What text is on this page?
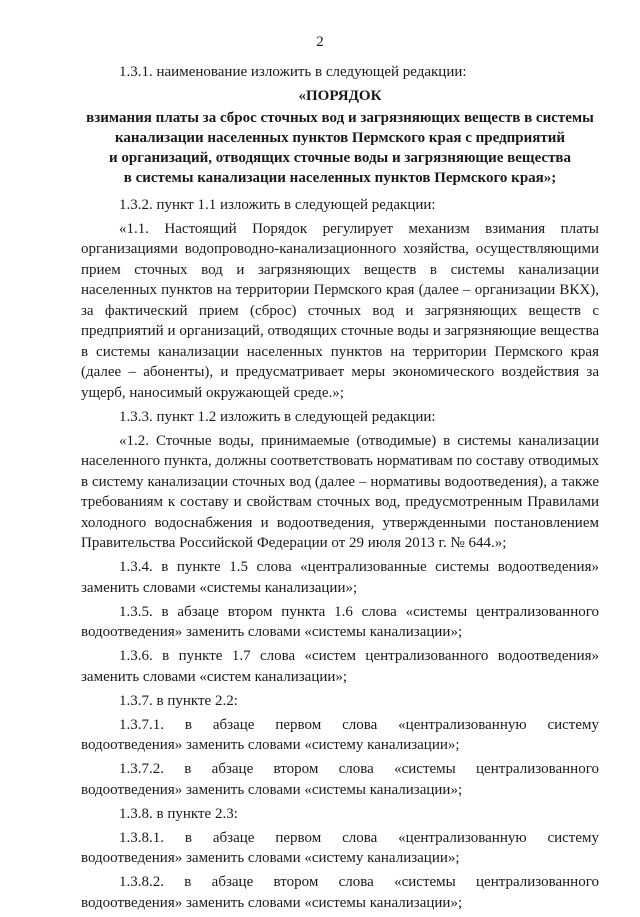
2

1.3.1. наименование изложить в следующей редакции:

«ПОРЯДОК

взимания платы за сброс сточных вод и загрязняющих веществ в системы

канализации населенных пунктов Пермского края с предприятий

и организаций, отводящих сточные воды и загрязняющие вещества

в системы канализации населенных пунктов Пермского края»;

1.3.2. пункт 1.1 изложить в следующей редакции:

«1.1. Настоящий Порядок регулирует механизм взимания платы организациями водопроводно-канализационного хозяйства, осуществляющими прием сточных вод и загрязняющих веществ в системы канализации населенных пунктов на территории Пермского края (далее – организации ВКХ), за фактический прием (сброс) сточных вод и загрязняющих веществ с предприятий и организаций, отводящих сточные воды и загрязняющие вещества в системы канализации населенных пунктов на территории Пермского края (далее – абоненты), и предусматривает меры экономического воздействия за ущерб, наносимый окружающей среде.»;

1.3.3. пункт 1.2 изложить в следующей редакции:

«1.2. Сточные воды, принимаемые (отводимые) в системы канализации населенного пункта, должны соответствовать нормативам по составу отводимых в систему канализации сточных вод (далее – нормативы водоотведения), а также требованиям к составу и свойствам сточных вод, предусмотренным Правилами холодного водоснабжения и водоотведения, утвержденными постановлением Правительства Российской Федерации от 29 июля 2013 г. № 644.»;

1.3.4. в пункте 1.5 слова «централизованные системы водоотведения» заменить словами «системы канализации»;

1.3.5. в абзаце втором пункта 1.6 слова «системы централизованного водоотведения» заменить словами «системы канализации»;

1.3.6. в пункте 1.7 слова «систем централизованного водоотведения» заменить словами «систем канализации»;

1.3.7. в пункте 2.2:

1.3.7.1. в абзаце первом слова «централизованную систему водоотведения» заменить словами «систему канализации»;

1.3.7.2. в абзаце втором слова «системы централизованного водоотведения» заменить словами «системы канализации»;

1.3.8. в пункте 2.3:

1.3.8.1. в абзаце первом слова «централизованную систему водоотведения» заменить словами «систему канализации»;

1.3.8.2. в абзаце втором слова «системы централизованного водоотведения» заменить словами «системы канализации»;
